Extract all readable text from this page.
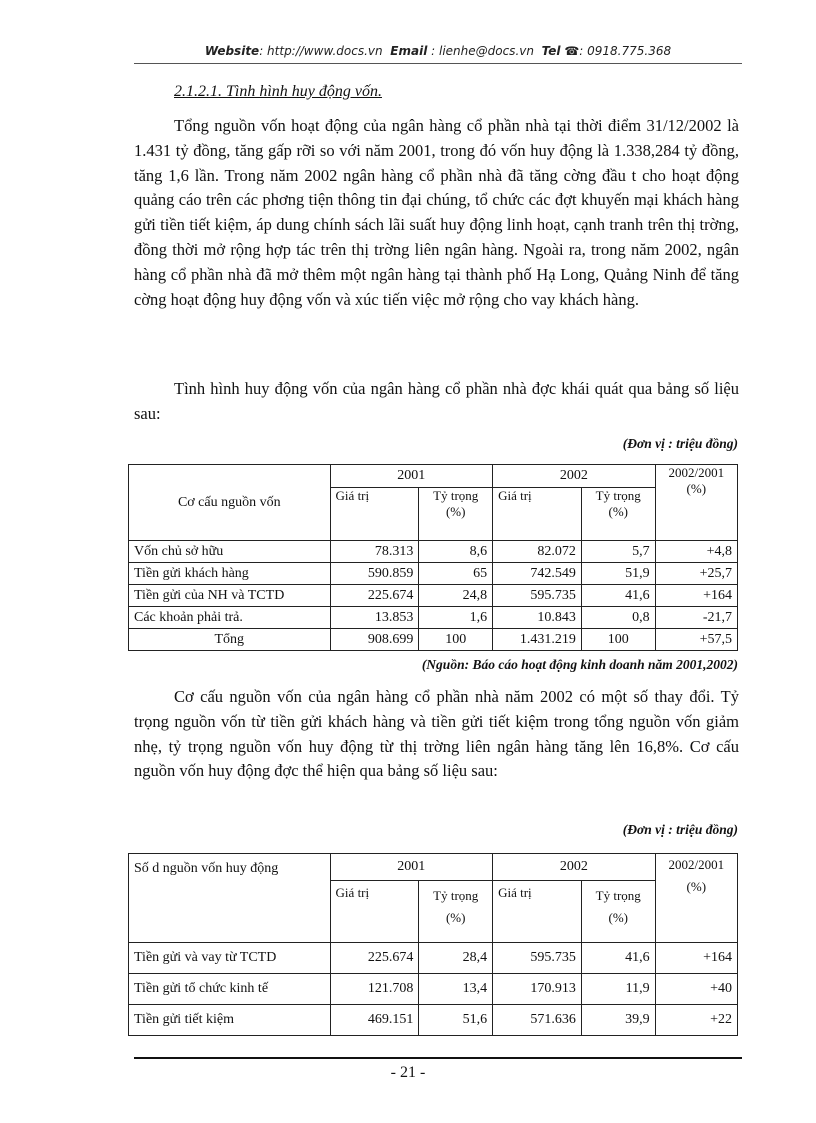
Website: http://www.docs.vn Email : lienhe@docs.vn Tel ☎: 0918.775.368
2.1.2.1. Tình hình huy động vốn.

Tổng nguồn vốn hoạt động của ngân hàng cổ phần nhà tại thời điểm 31/12/2002 là 1.431 tỷ đồng, tăng gấp rỡi so với năm 2001, trong đó vốn huy động là 1.338,284 tỷ đồng, tăng 1,6 lần. Trong năm 2002 ngân hàng cổ phần nhà đã tăng cờng đầu t cho hoạt động quảng cáo trên các phơng tiện thông tin đại chúng, tổ chức các đợt khuyến mại khách hàng gửi tiền tiết kiệm, áp dung chính sách lãi suất huy động linh hoạt, cạnh tranh trên thị trờng, đồng thời mở rộng hợp tác trên thị trờng liên ngân hàng. Ngoài ra, trong năm 2002, ngân hàng cổ phần nhà đã mở thêm một ngân hàng tại thành phố Hạ Long, Quảng Ninh để tăng cờng hoạt động huy động vốn và xúc tiến việc mở rộng cho vay khách hàng.

Tình hình huy động vốn của ngân hàng cổ phần nhà đợc khái quát qua bảng số liệu sau:

(Đơn vị : triệu đồng)
Cơ cấu nguồn vốn	2001		2002		2002/2001 (%)
	Giá trị	Tỷ trọng (%)	Giá trị	Tỷ trọng (%)	
Vốn chủ sở hữu	78.313	8,6	82.072	5,7	+4,8
Tiền gửi khách hàng	590.859	65	742.549	51,9	+25,7
Tiền gửi của NH và TCTD	225.674	24,8	595.735	41,6	+164
Các khoản phải trả.	13.853	1,6	10.843	0,8	-21,7
Tổng	908.699	100	1.431.219	100	+57,5
(Nguồn: Báo cáo hoạt động kinh doanh năm 2001,2002)

Cơ cấu nguồn vốn của ngân hàng cổ phần nhà năm 2002 có một số thay đổi. Tỷ trọng nguồn vốn từ tiền gửi khách hàng và tiền gửi tiết kiệm trong tổng nguồn vốn giảm nhẹ, tỷ trọng nguồn vốn huy động từ thị trờng liên ngân hàng tăng lên 16,8%. Cơ cấu nguồn vốn huy động đợc thể hiện qua bảng số liệu sau:

(Đơn vị : triệu đồng)
Số d nguồn vốn huy động	2001		2002		2002/2001 (%)
	Giá trị	Tỷ trọng (%)	Giá trị	Tỷ trọng (%)	
Tiền gửi và vay từ TCTD	225.674	28,4	595.735	41,6	+164
Tiền gửi tổ chức kinh tế	121.708	13,4	170.913	11,9	+40
Tiền gửi tiết kiệm	469.151	51,6	571.636	39,9	+22
- 21 -
